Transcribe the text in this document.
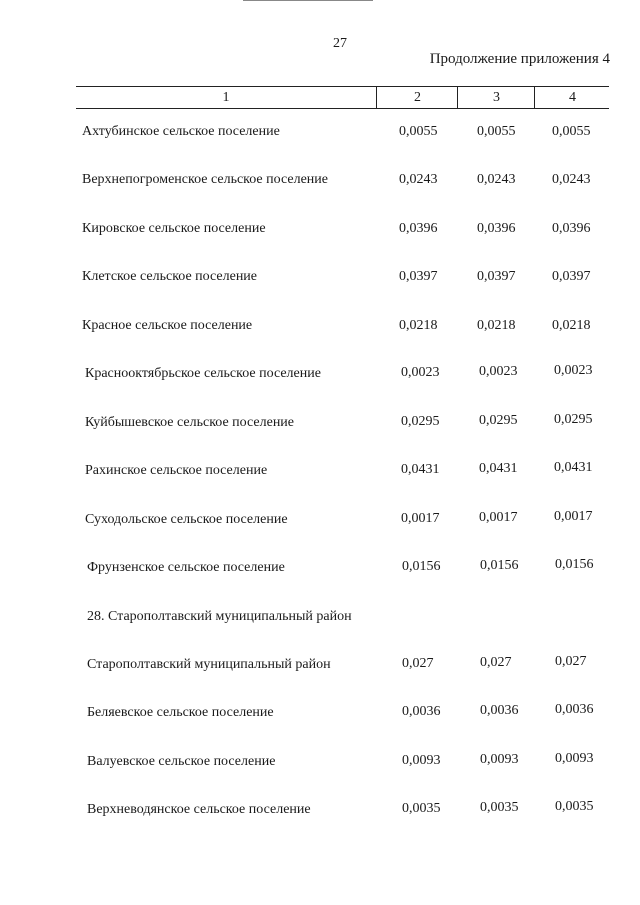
27
Продолжение приложения 4
1	2	3	4
Ахтубинское сельское поселение	0,0055	0,0055	0,0055
Верхнепогроменское сельское поселение	0,0243	0,0243	0,0243
Кировское сельское поселение	0,0396	0,0396	0,0396
Клетское сельское поселение	0,0397	0,0397	0,0397
Красное сельское поселение	0,0218	0,0218	0,0218
Краснооктябрьское сельское поселение	0,0023	0,0023	0,0023
Куйбышевское сельское поселение	0,0295	0,0295	0,0295
Рахинское сельское поселение	0,0431	0,0431	0,0431
Суходольское сельское поселение	0,0017	0,0017	0,0017
Фрунзенское сельское поселение	0,0156	0,0156	0,0156
28. Старополтавский муниципальный район
Старополтавский муниципальный район	0,027	0,027	0,027
Беляевское сельское поселение	0,0036	0,0036	0,0036
Валуевское сельское поселение	0,0093	0,0093	0,0093
Верхневодянское сельское поселение	0,0035	0,0035	0,0035
